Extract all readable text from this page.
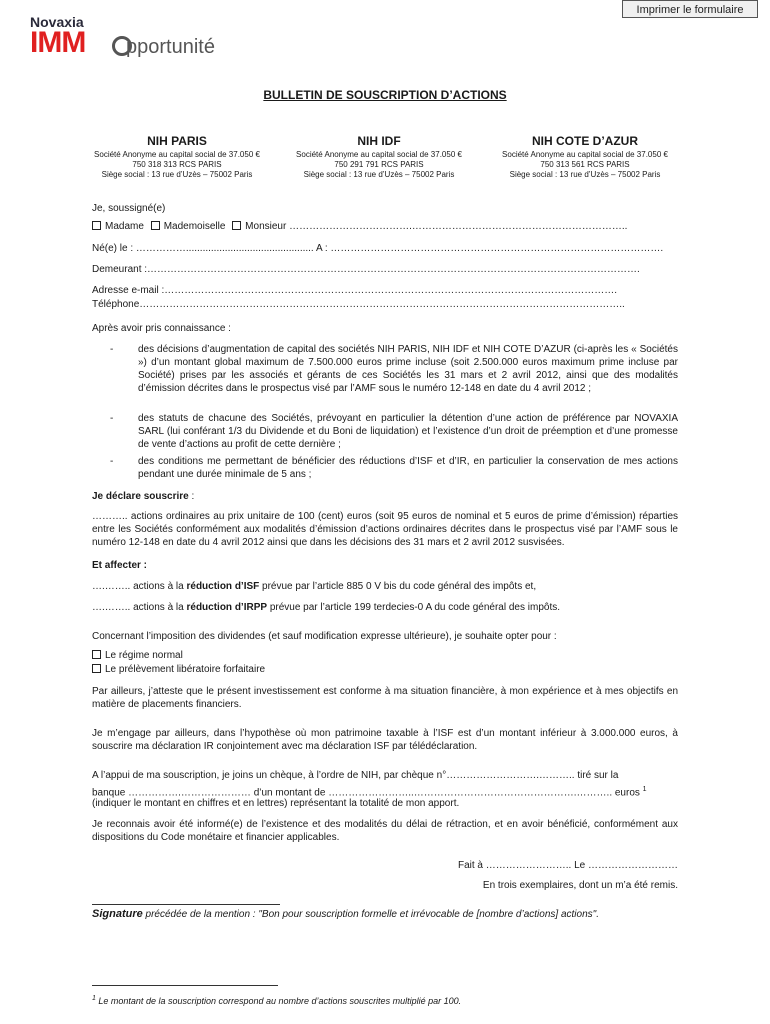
Imprimer le formulaire
Novaxia
IMM pportunité
BULLETIN DE SOUSCRIPTION D’ACTIONS
NIH PARIS
Société Anonyme au capital social de 37.050 €
750 318 313 RCS PARIS
Siège social : 13 rue d’Uzès – 75002 Paris
NIH IDF
Société Anonyme au capital social de 37.050 €
750 291 791 RCS PARIS
Siège social : 13 rue d’Uzès – 75002 Paris
NIH COTE D’AZUR
Société Anonyme au capital social de 37.050 €
750 313 561 RCS PARIS
Siège social : 13 rue d’Uzès – 75002 Paris
Je, soussigné(e)
Madame Mademoiselle Monsieur ……………………………….………………………………………………………..
Né(e) le : …………….............................................. A : ……………………………………………………………………………………….
Demeurant :………………………………………………………………………………………………………………………………….
Adresse e-mail :……………………………………………………………………………………………………………………….
Téléphone………………………………………………………………………………………………………………………………..
Après avoir pris connaissance :
- des décisions d’augmentation de capital des sociétés NIH PARIS, NIH IDF et NIH COTE D’AZUR (ci-après les « Sociétés ») d’un montant global maximum de 7.500.000 euros prime incluse (soit 2.500.000 euros maximum prime incluse par Société) prises par les associés et gérants de ces Sociétés les 31 mars et 2 avril 2012, ainsi que des modalités d’émission décrites dans le prospectus visé par l’AMF sous le numéro 12-148 en date du 4 avril 2012 ;
- des statuts de chacune des Sociétés, prévoyant en particulier la détention d’une action de préférence par NOVAXIA SARL (lui conférant 1/3 du Dividende et du Boni de liquidation) et l’existence d’un droit de préemption et d’une promesse de vente d’actions au profit de cette dernière ;
- des conditions me permettant de bénéficier des réductions d’ISF et d’IR, en particulier la conservation de mes actions pendant une durée minimale de 5 ans ;
Je déclare souscrire :
……….. actions ordinaires au prix unitaire de 100 (cent) euros (soit 95 euros de nominal et 5 euros de prime d’émission) réparties entre les Sociétés conformément aux modalités d’émission d’actions ordinaires décrites dans le prospectus visé par l’AMF sous le numéro 12-148 en date du 4 avril 2012 ainsi que dans les décisions des 31 mars et 2 avril 2012 susvisées.
Et affecter :
….…….. actions à la réduction d’ISF prévue par l’article 885 0 V bis du code général des impôts et,
….…….. actions à la réduction d’IRPP prévue par l’article 199 terdecies-0 A du code général des impôts.
Concernant l’imposition des dividendes (et sauf modification expresse ultérieure), je souhaite opter pour :
Le régime normal
Le prélèvement libératoire forfaitaire
Par ailleurs, j’atteste que le présent investissement est conforme à ma situation financière, à mon expérience et à mes objectifs en matière de placements financiers.
Je m’engage par ailleurs, dans l’hypothèse où mon patrimoine taxable à l’ISF est d’un montant inférieur à 3.000.000 euros, à souscrire ma déclaration IR conjointement avec ma déclaration ISF par télédéclaration.
A l’appui de ma souscription, je joins un chèque, à l’ordre de NIH, par chèque n°……………………….……….. tiré sur la
banque …………….………………… d’un montant de ……………………..………………………………………….……….. euros $^1$
(indiquer le montant en chiffres et en lettres) représentant la totalité de mon apport.
Je reconnais avoir été informé(e) de l’existence et des modalités du délai de rétraction, et en avoir bénéficié, conformément aux dispositions du Code monétaire et financier applicables.
Fait à …………………….. Le ………………………
En trois exemplaires, dont un m’a été remis.
Signature précédée de la mention : "Bon pour souscription formelle et irrévocable de [nombre d’actions] actions".
$^1$ Le montant de la souscription correspond au nombre d’actions souscrites multiplié par 100.
